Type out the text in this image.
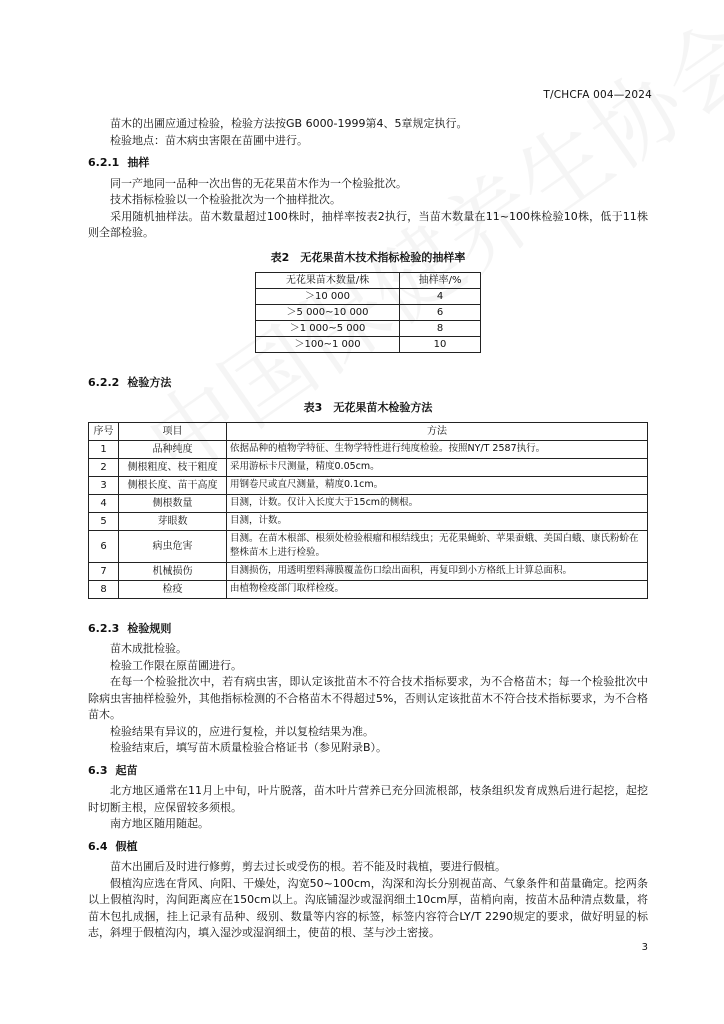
T/CHCFA 004—2024

苗木的出圃应通过检验，检验方法按GB 6000-1999第4、5章规定执行。

检验地点：苗木病虫害限在苗圃中进行。

6.2.1 抽样

同一产地同一品种一次出售的无花果苗木作为一个检验批次。

技术指标检验以一个检验批次为一个抽样批次。

采用随机抽样法。苗木数量超过100株时，抽样率按表2执行，当苗木数量在11~100株检验10株，低于11株则全部检验。

表2　无花果苗木技术指标检验的抽样率
无花果苗木数量/株	抽样率/%
＞10 000	4
＞5 000~10 000	6
＞1 000~5 000	8
＞100~1 000	10
6.2.2 检验方法
表3　无花果苗木检验方法
序号	项目	方法
1	品种纯度	依据品种的植物学特征、生物学特性进行纯度检验。按照NY/T 2587执行。
2	侧根粗度、枝干粗度	采用游标卡尺测量，精度0.05cm。
3	侧根长度、苗干高度	用钢卷尺或直尺测量，精度0.1cm。
4	侧根数量	目测，计数。仅计入长度大于15cm的侧根。
5	芽眼数	目测，计数。
6	病虫危害	目测。在苗木根部、根须处检验根瘤和根结线虫；无花果蝇蚧、苹果蚕蛾、美国白蛾、康氏粉蚧在整株苗木上进行检验。
7	机械损伤	目测损伤，用透明塑料薄膜覆盖伤口绘出面积，再复印到小方格纸上计算总面积。
8	检疫	由植物检疫部门取样检疫。
6.2.3 检验规则

苗木成批检验。

检验工作限在原苗圃进行。

在每一个检验批次中，若有病虫害，即认定该批苗木不符合技术指标要求，为不合格苗木；每一个检验批次中除病虫害抽样检验外，其他指标检测的不合格苗木不得超过5%，否则认定该批苗木不符合技术指标要求，为不合格苗木。

检验结果有异议的，应进行复检，并以复检结果为准。

检验结束后，填写苗木质量检验合格证书（参见附录B）。

6.3 起苗

北方地区通常在11月上中旬，叶片脱落，苗木叶片营养已充分回流根部，枝条组织发育成熟后进行起挖，起挖时切断主根，应保留较多须根。

南方地区随用随起。

6.4 假植

苗木出圃后及时进行修剪，剪去过长或受伤的根。若不能及时栽植，要进行假植。

假植沟应选在背风、向阳、干燥处，沟宽50~100cm，沟深和沟长分别视苗高、气象条件和苗量确定。挖两条以上假植沟时，沟间距离应在150cm以上。沟底铺湿沙或湿润细土10cm厚，苗梢向南，按苗木品种清点数量，将苗木包扎成捆，挂上记录有品种、级别、数量等内容的标签，标签内容符合LY/T 2290规定的要求，做好明显的标志，斜埋于假植沟内，填入湿沙或湿润细土，使苗的根、茎与沙土密接。

3
